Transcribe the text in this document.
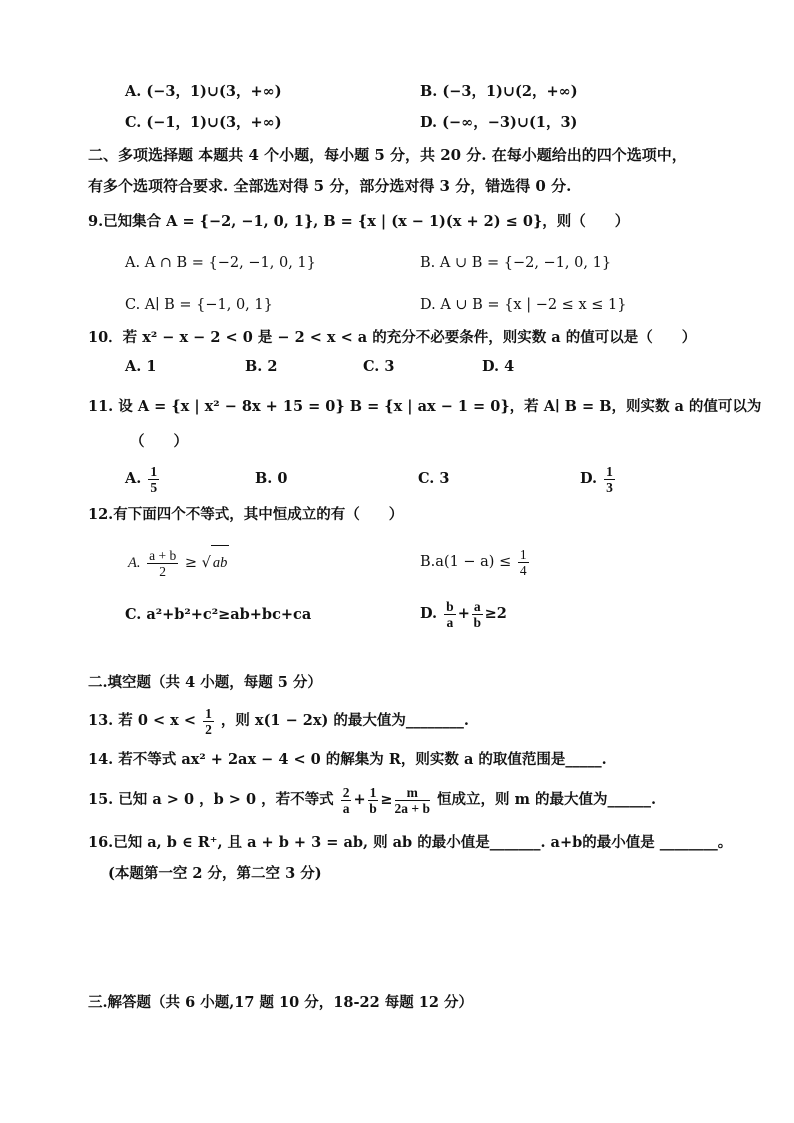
A. (−3，1)∪(3，+∞)	B. (−3，1)∪(2，+∞)
C. (−1，1)∪(3，+∞)	D. (−∞，−3)∪(1，3)
二、多项选择题 本题共 4 个小题，每小题 5 分，共 20 分. 在每小题给出的四个选项中，
有多个选项符合要求. 全部选对得 5 分，部分选对得 3 分，错选得 0 分.
9.已知集合 A = {−2, −1, 0, 1}, B = {x | (x − 1)(x + 2) ≤ 0}，则（　　）
A. A ∩ B = {−2, −1, 0, 1}	B. A ∪ B = {−2, −1, 0, 1}
C. A∣ B = {−1, 0, 1}	D. A ∪ B = {x | −2 ≤ x ≤ 1}
10．若 x² − x − 2 < 0 是 − 2 < x < a 的充分不必要条件，则实数 a 的值可以是（　　）
A. 1	B. 2	C. 3	D. 4
11. 设 A = {x | x² − 8x + 15 = 0} B = {x | ax − 1 = 0}，若 A∣ B = B，则实数 a 的值可以为
（　　）
A. $\frac{1}{5}$	B. 0	C. 3	D. $\frac{1}{3}$
12.有下面四个不等式，其中恒成立的有（　　）
A. $\frac{a + b}{2}$ ≥ √ ab	$B.a(1 - a) \le \frac{1}{4}$
C. a²+b²+c²≥ab+bc+ca	D. $\frac{b}{a} + \frac{a}{b} \ge 2$
二.填空题（共 4 小题，每题 5 分）
13. 若 $0 < x < \frac{1}{2}$ ，则 x(1 − 2x) 的最大值为________.
14. 若不等式 ax² + 2ax − 4 < 0 的解集为 R，则实数 a 的取值范围是_____.
15. 已知 a > 0 ，b > 0 ，若不等式 $\frac{2}{a} + \frac{1}{b} \ge \frac{m}{2a + b}$ 恒成立，则 m 的最大值为______.
16.已知 a, b ∈ R⁺, 且 a + b + 3 = ab, 则 ab 的最小值是_______. a+b的最小值是 ________。
(本题第一空 2 分，第二空 3 分)
三.解答题（共 6 小题,17 题 10 分，18-22 每题 12 分）
